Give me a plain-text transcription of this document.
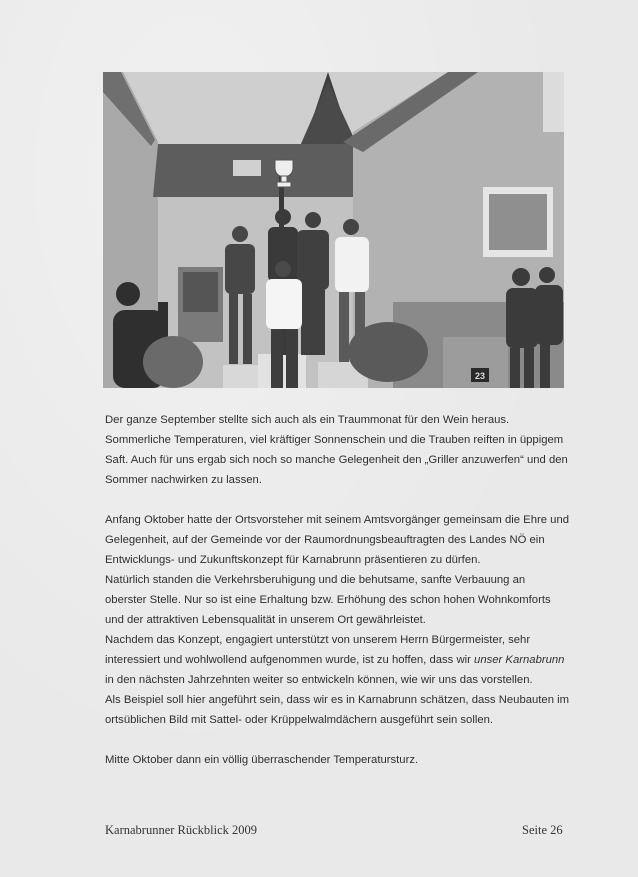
23

Der ganze September stellte sich auch als ein Traummonat für den Wein heraus.

Sommerliche Temperaturen, viel kräftiger Sonnenschein und die Trauben reiften in üppigem

Saft. Auch für uns ergab sich noch so manche Gelegenheit den „Griller anzuwerfen“ und den

Sommer nachwirken zu lassen.

Anfang Oktober hatte der Ortsvorsteher mit seinem Amtsvorgänger gemeinsam die Ehre und

Gelegenheit, auf der Gemeinde vor der Raumordnungsbeauftragten des Landes NÖ ein

Entwicklungs- und Zukunftskonzept für Karnabrunn präsentieren zu dürfen.

Natürlich standen die Verkehrsberuhigung und die behutsame, sanfte Verbauung an

oberster Stelle. Nur so ist eine Erhaltung bzw. Erhöhung des schon hohen Wohnkomforts

und der attraktiven Lebensqualität in unserem Ort gewährleistet.

Nachdem das Konzept, engagiert unterstützt von unserem Herrn Bürgermeister, sehr

interessiert und wohlwollend aufgenommen wurde, ist zu hoffen, dass wir unser Karnabrunn

in den nächsten Jahrzehnten weiter so entwickeln können, wie wir uns das vorstellen.

Als Beispiel soll hier angeführt sein, dass wir es in Karnabrunn schätzen, dass Neubauten im

ortsüblichen Bild mit Sattel- oder Krüppelwalmdächern ausgeführt sein sollen.

Mitte Oktober dann ein völlig überraschender Temperatursturz.

Karnabrunner Rückblick 2009	Seite 26
